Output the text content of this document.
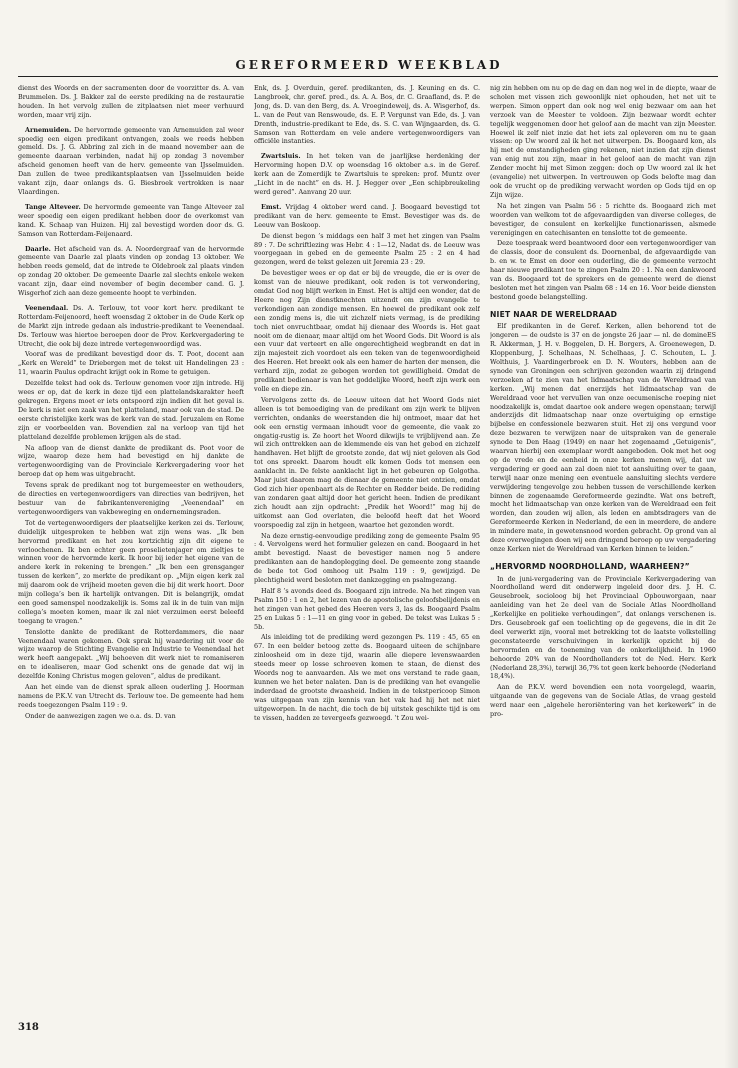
GEREFORMEERD WEEKBLAD

dienst des Woords en der sacramenten door de voorzitter ds. A. van Brummelen. Ds. J. Bakker zal de eerste prediking na de restauratie houden. In het vervolg zullen de zitplaatsen niet meer verhuurd worden, maar vrij zijn.

Arnemuiden. De hervormde gemeente van Arnemuiden zal weer spoedig een eigen predikant ontvangen, zoals we reeds hebben gemeld. Ds. J. G. Abbring zal zich in de maand november aan de gemeente daaraan verbinden, nadat hij op zondag 3 november afscheid genomen heeft van de herv. gemeente van IJsselmuiden. Dan zullen de twee predikantsplaatsen van IJsselmuiden beide vakant zijn, daar onlangs ds. G. Biesbroek vertrokken is naar Vlaardingen.

Tange Alteveer. De hervormde gemeente van Tange Alteveer zal weer spoedig een eigen predikant hebben door de overkomst van kand. K. Schaap van Huizen. Hij zal bevestigd worden door ds. G. Samson van Rotterdam-Feijenaard.

Daarle. Het afscheid van ds. A. Noordergraaf van de hervormde gemeente van Daarle zal plaats vinden op zondag 13 oktober. We hebben reeds gemeld, dat de intrede te Oldebroek zal plaats vinden op zondag 20 oktober. De gemeente Daarle zal slechts enkele weken vacant zijn, daar eind november of begin december cand. G. J. Wisgerhof zich aan deze gemeente hoopt te verbinden.

Veenendaal. Ds. A. Terlouw, tot voor kort herv. predikant te Rotterdam-Feijenoord, heeft woensdag 2 oktober in de Oude Kerk op de Markt zijn intrede gedaan als industrie-predikant te Veenendaal. Ds. Terlouw was hiertoe beroepen door de Prov. Kerkvergadering te Utrecht, die ook bij deze intrede vertegenwoordigd was.

Vooraf was de predikant bevestigd door ds. T. Poot, docent aan „Kerk en Wereld” te Driebergen met de tekst uit Handelingen 23 : 11, waarin Paulus opdracht krijgt ook in Rome te getuigen.

Dezelfde tekst had ook ds. Terlouw genomen voor zijn intrede. Hij wees er op, dat de kerk in deze tijd een plattelandskarakter heeft gekregen. Ergens moet er iets ontspoord zijn indien dit het geval is. De kerk is niet een zaak van het platteland, maar ook van de stad. De eerste christelijke kerk was de kerk van de stad. Jeruzalem en Rome zijn er voorbeelden van. Bovendien zal na verloop van tijd het platteland dezelfde problemen krijgen als de stad.

Na afloop van de dienst dankte de predikant ds. Poot voor de wijze, waarop deze hem had bevestigd en hij dankte de vertegenwoordiging van de Provinciale Kerkvergadering voor het beroep dat op hem was uitgebracht.

Tevens sprak de predikant nog tot burgemeester en wethouders, de directies en vertegenwoordigers van directies van bedrijven, het bestuur van de fabrikantenvereniging „Veenendaal” en vertegenwoordigers van vakbeweging en ondernemingsraden.

Tot de vertegenwoordigers der plaatselijke kerken zei ds. Terlouw, duidelijk uitgesproken te hebben wat zijn wens was. „Ik ben hervormd predikant en het zou kortzichtig zijn dit eigene te verloochenen. Ik ben echter geen proselietenjager om zieltjes te winnen voor de hervormde kerk. Ik hoor bij ieder het eigene van de andere kerk in rekening te brengen.” „Ik ben een grensganger tussen de kerken”, zo merkte de predikant op. „Mijn eigen kerk zal mij daarom ook de vrijheid moeten geven die bij dit werk hoort. Door mijn collega’s ben ik hartelijk ontvangen. Dit is belangrijk, omdat een goed samenspel noodzakelijk is. Soms zal ik in de tuin van mijn collega’s moeten komen, maar ik zal niet verzuimen eerst beleefd toegang te vragen.”

Tenslotte dankte de predikant de Rotterdammers, die naar Veenendaal waren gekomen. Ook sprak hij waardering uit voor de wijze waarop de Stichting Evangelie en Industrie te Veenendaal het werk heeft aangepakt. „Wij behoeven dit werk niet te romaniseren en te idealiseren, maar God schenkt ons de genade dat wij in dezelfde Koning Christus mogen geloven”, aldus de predikant.

Aan het einde van de dienst sprak alleen ouderling J. Hoorman namens de P.K.V. van Utrecht ds. Terlouw toe. De gemeente had hem reeds toegezongen Psalm 119 : 9.

Onder de aanwezigen zagen we o.a. ds. D. van

Enk, ds. J. Overduin, geref. predikanten, ds. J. Keuning en ds. C. Langbroek, chr. geref. pred., ds. A. A. Bos, dr. C. Graafland, ds. P. de Jong, ds. D. van den Berg, ds. A. Vroegindeweij, ds. A. Wisgerhof, ds. L. van de Peut van Renswoude, ds. E. P. Vergunst van Ede, ds. J. van Drenth, industrie-predikant te Ede, ds. S. C. van Wijngaarden, ds. G. Samson van Rotterdam en vele andere vertegenwoordigers van officiële instanties.

Zwartsluis. In het teken van de jaarlijkse herdenking der Hervorming hopen D.V. op woensdag 16 oktober a.s. in de Geref. kerk aan de Zomerdijk te Zwartsluis te spreken: prof. Muntz over „Licht in de nacht” en ds. H. J. Hegger over „Een schipbreukeling werd gered”. Aanvang 20 uur.

Emst. Vrijdag 4 oktober werd cand. J. Boogaard bevestigd tot predikant van de herv. gemeente te Emst. Bevestiger was ds. de Leeuw van Boskoop.

De dienst begon ’s middags een half 3 met het zingen van Psalm 89 : 7. De schriftlezing was Hebr. 4 : 1—12, Nadat ds. de Leeuw was voorgegaan in gebed en de gemeente Psalm 25 : 2 en 4 had gezongen, werd de tekst gelezen uit Jeremia 23 : 29.

De bevestiger wees er op dat er bij de vreugde, die er is over de komst van de nieuwe predikant, ook reden is tot verwondering, omdat God nog blijft werken in Emst. Het is altijd een wonder, dat de Heere nog Zijn dienstknechten uitzendt om zijn evangelie te verkondigen aan zondige mensen. En hoewel de predikant ook zelf een zondig mens is, die uit zichzelf niets vermag, is de prediking toch niet onvruchtbaar, omdat hij dienaar des Woords is. Het gaat nooit om de dienaar, maar altijd om het Woord Gods. Dit Woord is als een vuur dat verteert en alle ongerechtigheid wegbrandt en dat in zijn majesteit zich voordoet als een teken van de tegenwoordigheid des Heeren. Het breekt ook als een hamer de harten der mensen, die verhard zijn, zodat ze gebogen worden tot gewilligheid. Omdat de predikant bedienaar is van het goddelijke Woord, heeft zijn werk een volle en diepe zin.

Vervolgens zette ds. de Leeuw uiteen dat het Woord Gods niet alleen is tot bemoediging van de predikant om zijn werk te blijven verrichten, ondanks de weerstanden die hij ontmoet, maar dat het ook een ernstig vermaan inhoudt voor de gemeente, die vaak zo ongatig-rustig is. Ze hoort het Woord dikwijls te vrijblijvend aan. Ze wil zich onttrekken aan de klemmende eis van het gebod en zichzelf handhaven. Het blijft de grootste zonde, dat wij niet geloven als God tot ons spreekt. Daarom houdt elk komen Gods tot mensen een aanklacht in. De felste aanklacht ligt in het gebeuren op Golgotha. Maar juist daarom mag de dienaar de gemeente niet ontzien, omdat God zich hier openbaart als de Rechter en Redder beide. De rediding van zondaren gaat altijd door het gericht heen. Indien de predikant zich houdt aan zijn opdracht: „Predik het Woord!” mag hij de uitkomst aan God overlaten, die beloofd heeft dat het Woord voorspoedig zal zijn in hetgeen, waartoe het gezonden wordt.

Na deze ernstig-eenvoudige prediking zong de gemeente Psalm 95 : 4. Vervolgens werd het formulier gelezen en cand. Boogaard in het ambt bevestigd. Naast de bevestiger namen nog 5 andere predikanten aan de handoplegging deel. De gemeente zong staande de bede tot God omhoog uit Psalm 119 : 9, gewijzigd. De plechtigheid werd besloten met dankzegging en psalmgezang.

Half 8 ’s avonds deed ds. Boogaard zijn intrede. Na het zingen van Psalm 150 : 1 en 2, het lezen van de apostolische geloofsbelijdenis en het zingen van het gebed des Heeren vers 3, las ds. Boogaard Psalm 25 en Lukas 5 : 1—11 en ging voor in gebed. De tekst was Lukas 5 : 5b.

Als inleiding tot de prediking werd gezongen Ps. 119 : 45, 65 en 67. In een belder betoog zette ds. Boogaard uiteen de schijnbare zinloosheid om in deze tijd, waarin alle diepere levenswaarden steeds meer op losse schroeven komen te staan, de dienst des Woords nog te aanvaarden. Als we met ons verstand te rade gaan, kunnen we het beter nalaten. Dan is de prediking van het evangelie inderdaad de grootste dwaasheid. Indien in de tekstpericoop Simon was uitgegaan van zijn kennis van het vak had hij het net niet uitgeworpen. In de nacht, die toch de bij uitstek geschikte tijd is om te vissen, hadden ze tevergeefs gezwoegd. ’t Zou wei-

nig zin hebben om nu op de dag en dan nog wel in de diepte, waar de scholen met vissen zich gewoonlijk niet ophouden, het net uit te werpen. Simon oppert dan ook nog wel enig bezwaar om aan het verzoek van de Meester te voldoen. Zijn bezwaar wordt echter tegelijk weggenomen door het geloof aan de macht van zijn Meester. Hoewel ik zelf niet inzie dat het iets zal opleveren om nu te gaan vissen: op Uw woord zal ik het net uitwerpen. Ds. Boogaard kon, als hij met de omstandigheden ging rekenen, niet inzien dat zijn dienst van enig nut zou zijn, maar in het geloof aan de macht van zijn Zender mocht hij met Simon zeggen: doch op Uw woord zal ik het (evangelie) net uitwerpen. In vertrouwen op Gods belofte mag dan ook de vrucht op de prediking verwacht worden op Gods tijd en op Zijn wijze.

Na het zingen van Psalm 56 : 5 richtte ds. Boogaard zich met woorden van welkom tot de afgevaardigden van diverse colleges, de bevestiger, de consulent en kerkelijke functionarissen, alsmede verenigingen en catechisanten en tenslotte tot de gemeente.

Deze toespraak werd beantwoord door een vertegenwoordiger van de classis, door de consulent ds. Doornenbal, de afgevaardigde van b. en w. te Emst en door een ouderling, die de gemeente verzocht haar nieuwe predikant toe te zingen Psalm 20 : 1. Na een dankwoord van ds. Boogaard tot de sprekers en de gemeente werd de dienst besloten met het zingen van Psalm 68 : 14 en 16. Voor beide diensten bestond goede belangstelling.

NIET NAAR DE WERELDRAAD

Elf predikanten in de Geref. Kerken, allen behorend tot de jongeren — de oudste is 37 en de jongste 26 jaar — nl. de domineES R. Akkerman, J. H. v. Boggelen, D. H. Borgers, A. Groenewegen, D. Kloppenburg, J. Schelhaas, N. Schelhaas, J. C. Schouten, L. J. Wolthuis, J. Vaardingerbroek en D. N. Wouters, hebben aan de synode van Groningen een schrijven gezonden waarin zij dringend verzoeken af te zien van het lidmaatschap van de Wereldraad van kerken. „Wij menen dat enerzijds het lidmaatschap van de Wereldraad voor het vervullen van onze oecumenische roeping niet noodzakelijk is, omdat daartoe ook andere wegen openstaan; terwijl anderzijds dit lidmaatschap naar onze overtuiging op ernstige bijbelse en confessionele bezwaren stuit. Het zij ons vergund voor deze bezwaren te verwijzen naar de uitspraken van de generale synode te Den Haag (1949) en naar het zogenaamd „Getuigenis”, waarvan hierbij een exemplaar wordt aangeboden. Ook met het oog op de vrede en de eenheid in onze kerken menen wij, dat uw vergadering er goed aan zal doen niet tot aansluiting over te gaan, terwijl naar onze mening een eventuele aansluiting slechts verdere verwijdering tengevolge zou hebben tussen de verschillende kerken binnen de zogenaamde Gereformeerde gezindte. Wat ons betreft, mocht het lidmaatschap van onze kerken van de Wereldraad een feit worden, dan zouden wij allen, als leden en ambtsdragers van de Gereformeerde Kerken in Nederland, de een in meerdere, de andere in mindere mate, in gewetensnood worden gebracht. Op grond van al deze overwegingen doen wij een dringend beroep op uw vergadering onze Kerken niet de Wereldraad van Kerken binnen te leiden.”

„HERVORMD NOORDHOLLAND, WAARHEEN?”

In de juni-vergadering van de Provinciale Kerkvergadering van Noordholland werd dit onderwerp ingeleid door drs. J. H. C. Geusebroek, socioloog bij het Provinciaal Opbouworgaan, naar aanleiding van het 2e deel van de Sociale Atlas Noordholland „Kerkelijke en politieke verhoudingen”, dat onlangs verschenen is. Drs. Geusebroek gaf een toelichting op de gegevens, die in dit 2e deel verwerkt zijn, vooral met betrekking tot de laatste volkstelling geconstateerde verschuivingen in kerkelijk opzicht bij de hervormden en de toeneming van de onkerkelijkheid. In 1960 behoorde 20% van de Noordhollanders tot de Ned. Herv. Kerk (Nederland 28,3%), terwijl 36,7% tot geen kerk behoorde (Nederland 18,4%).

Aan de P.K.V. werd bovendien een nota voorgelegd, waarin, uitgaande van de gegevens van de Sociale Atlas, de vraag gesteld werd naar een „algehele heroriëntering van het kerkewerk” in de pro-

318
